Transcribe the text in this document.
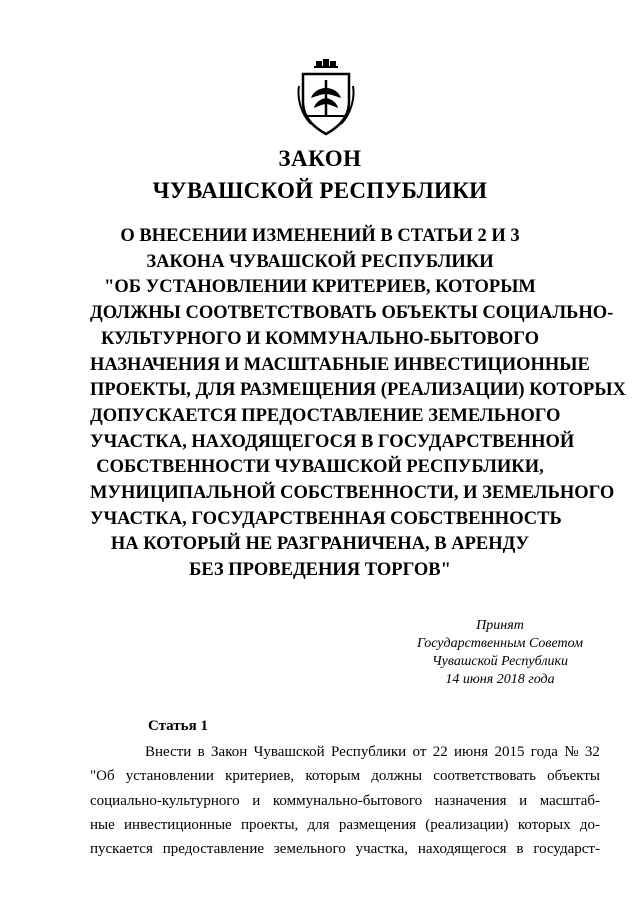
ЗАКОН
ЧУВАШСКОЙ РЕСПУБЛИКИ
О ВНЕСЕНИИ ИЗМЕНЕНИЙ В СТАТЬИ 2 И 3
ЗАКОНА ЧУВАШСКОЙ РЕСПУБЛИКИ
"ОБ УСТАНОВЛЕНИИ КРИТЕРИЕВ, КОТОРЫМ
ДОЛЖНЫ СООТВЕТСТВОВАТЬ ОБЪЕКТЫ СОЦИАЛЬНО-
КУЛЬТУРНОГО И КОММУНАЛЬНО-БЫТОВОГО
НАЗНАЧЕНИЯ И МАСШТАБНЫЕ ИНВЕСТИЦИОННЫЕ
ПРОЕКТЫ, ДЛЯ РАЗМЕЩЕНИЯ (РЕАЛИЗАЦИИ) КОТОРЫХ
ДОПУСКАЕТСЯ ПРЕДОСТАВЛЕНИЕ ЗЕМЕЛЬНОГО
УЧАСТКА, НАХОДЯЩЕГОСЯ В ГОСУДАРСТВЕННОЙ
СОБСТВЕННОСТИ ЧУВАШСКОЙ РЕСПУБЛИКИ,
МУНИЦИПАЛЬНОЙ СОБСТВЕННОСТИ, И ЗЕМЕЛЬНОГО
УЧАСТКА, ГОСУДАРСТВЕННАЯ СОБСТВЕННОСТЬ
НА КОТОРЫЙ НЕ РАЗГРАНИЧЕНА, В АРЕНДУ
БЕЗ ПРОВЕДЕНИЯ ТОРГОВ"
Принят
Государственным Советом
Чувашской Республики
14 июня 2018 года
Статья 1
Внести в Закон Чувашской Республики от 22 июня 2015 года № 32
"Об установлении критериев, которым должны соответствовать объекты
социально-культурного и коммунально-бытового назначения и масштаб-
ные инвестиционные проекты, для размещения (реализации) которых до-
пускается предоставление земельного участка, находящегося в государст-
